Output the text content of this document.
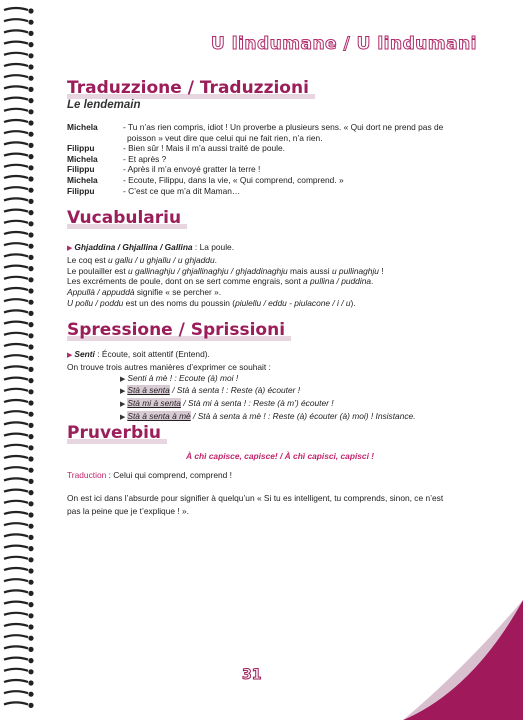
U lindumane / U lindumani
Traduzzione / Traduzzioni
Le lendemain
Michela	- Tu n’as rien compris, idiot ! Un proverbe a plusieurs sens. « Qui dort ne prend pas de
poisson » veut dire que celui qui ne fait rien, n’a rien.
Filippu	- Bien sûr ! Mais il m’a aussi traité de poule.
Michela	- Et après ?
Filippu	- Après il m’a envoyé gratter la terre !
Michela	- Ecoute, Filippu, dans la vie, « Qui comprend, comprend. »
Filippu	- C’est ce que m’a dit Maman…
Vucabulariu
▶ Ghjaddina / Ghjallina / Gallina : La poule.
Le coq est u gallu / u ghjallu / u ghjaddu.
Le poulailler est u gallinaghju / ghjallinaghju / ghjaddinaghju mais aussi u pullinaghju !
Les excréments de poule, dont on se sert comme engrais, sont a pullina / puddina.
Appullà / appuddà signifie « se percher ».
U pollu / poddu est un des noms du poussin (piulellu / eddu - piulacone / i / u).
Spressione / Sprissioni
▶ Senti : Écoute, soit attentif (Entend).
On trouve trois autres manières d’exprimer ce souhait :
▶ Senti à mè ! : Ecoute (à) moi !
▶ Stà à senta / Stà à senta ! : Reste (à) écouter !
▶ Stà mi à senta / Stà mi à senta ! : Reste (à m’) écouter !
▶ Stà à senta à mè / Stà à senta à mè ! : Reste (à) écouter (à) moi) ! Insistance.
Pruverbiu
À chì capisce, capisce! / À chì capisci, capisci !
Traduction : Celui qui comprend, comprend !
On est ici dans l’absurde pour signifier à quelqu’un « Si tu es intelligent, tu comprends, sinon, ce n’est
pas la peine que je t’explique ! ».
31
